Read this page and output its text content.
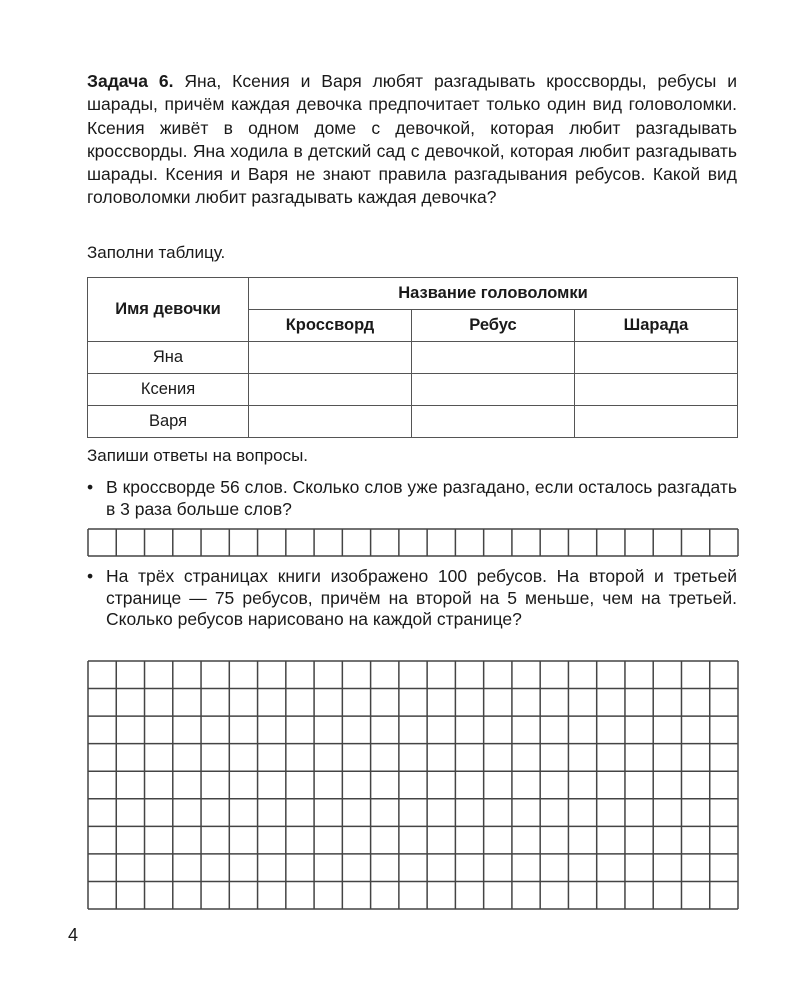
Задача 6. Яна, Ксения и Варя любят разгадывать кроссворды, ребусы и шарады, причём каждая девочка предпочитает только один вид головоломки. Ксения живёт в одном доме с девочкой, которая любит разгадывать кроссворды. Яна ходила в детский сад с девочкой, которая любит разгадывать шарады. Ксения и Варя не знают правила разгадывания ребусов. Какой вид головоломки любит разгадывать каждая девочка?

Заполни таблицу.

Имя девочки	Название головоломки		
	Кроссворд	Ребус	Шарада
Яна			
Ксения			
Варя			

Запиши ответы на вопросы.

• В кроссворде 56 слов. Сколько слов уже разгадано, если осталось разгадать в 3 раза больше слов?
• На трёх страницах книги изображено 100 ребусов. На второй и третьей странице — 75 ребусов, причём на второй на 5 меньше, чем на третьей. Сколько ребусов нарисовано на каждой странице?

4
